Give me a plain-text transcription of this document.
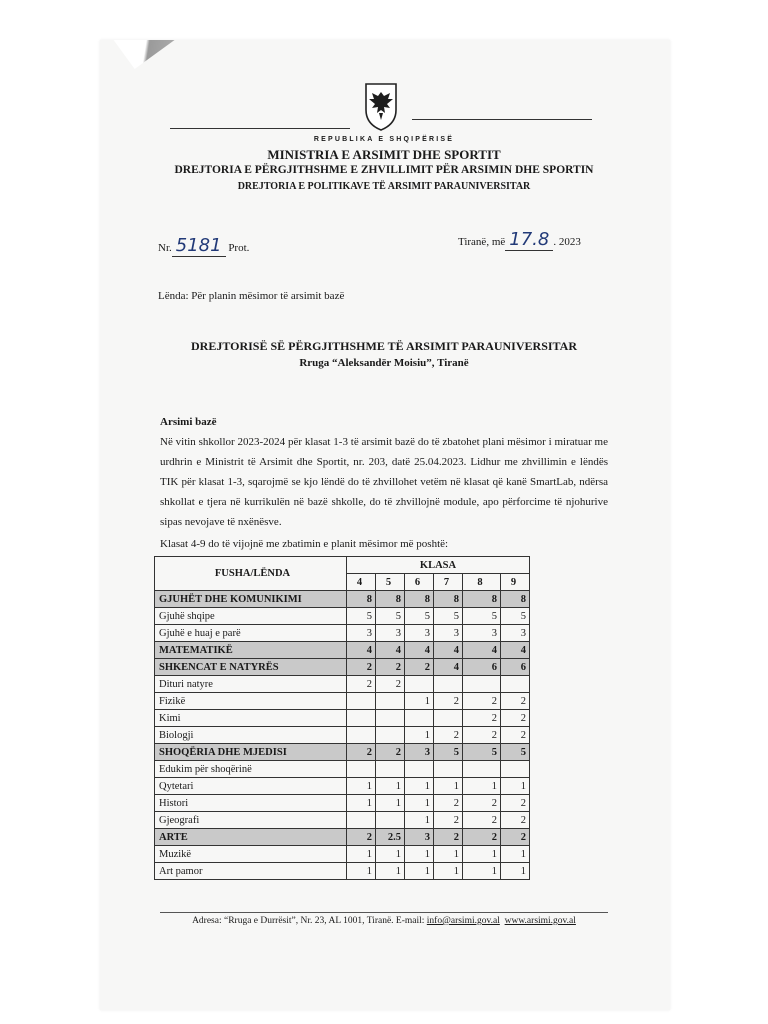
REPUBLIKA E SHQIPËRISË
MINISTRIA E ARSIMIT DHE SPORTIT
DREJTORIA E PËRGJITHSHME E ZHVILLIMIT PËR ARSIMIN DHE SPORTIN
DREJTORIA E POLITIKAVE TË ARSIMIT PARAUNIVERSITAR
Nr. 5181 Prot.	Tiranë, më 17.8 . 2023
Lënda: Për planin mësimor të arsimit bazë
DREJTORISË SË PËRGJITHSHME TË ARSIMIT PARAUNIVERSITAR
Rruga “Aleksandër Moisiu”, Tiranë
Arsimi bazë
Në vitin shkollor 2023-2024 për klasat 1-3 të arsimit bazë do të zbatohet plani mësimor i miratuar me urdhrin e Ministrit të Arsimit dhe Sportit, nr. 203, datë 25.04.2023. Lidhur me zhvillimin e lëndës TIK për klasat 1-3, sqarojmë se kjo lëndë do të zhvillohet vetëm në klasat që kanë SmartLab, ndërsa shkollat e tjera në kurrikulën në bazë shkolle, do të zhvillojnë module, apo përforcime të njohurive sipas nevojave të nxënësve.
Klasat 4-9 do të vijojnë me zbatimin e planit mësimor më poshtë:
FUSHA/LËNDA	KLASA					
	4	5	6	7	8	9
GJUHËT DHE KOMUNIKIMI	8	8	8	8	8	8
Gjuhë shqipe	5	5	5	5	5	5
Gjuhë e huaj e parë	3	3	3	3	3	3
MATEMATIKË	4	4	4	4	4	4
SHKENCAT E NATYRËS	2	2	2	4	6	6
Dituri natyre	2	2				
Fizikë			1	2	2	2
Kimi					2	2
Biologji			1	2	2	2
SHOQËRIA DHE MJEDISI	2	2	3	5	5	5
Edukim për shoqërinë						
Qytetari	1	1	1	1	1	1
Histori	1	1	1	2	2	2
Gjeografi			1	2	2	2
ARTE	2	2.5	3	2	2	2
Muzikë	1	1	1	1	1	1
Art pamor	1	1	1	1	1	1
Adresa: “Rruga e Durrësit”, Nr. 23, AL 1001, Tiranë. E-mail: info@arsimi.gov.al www.arsimi.gov.al
